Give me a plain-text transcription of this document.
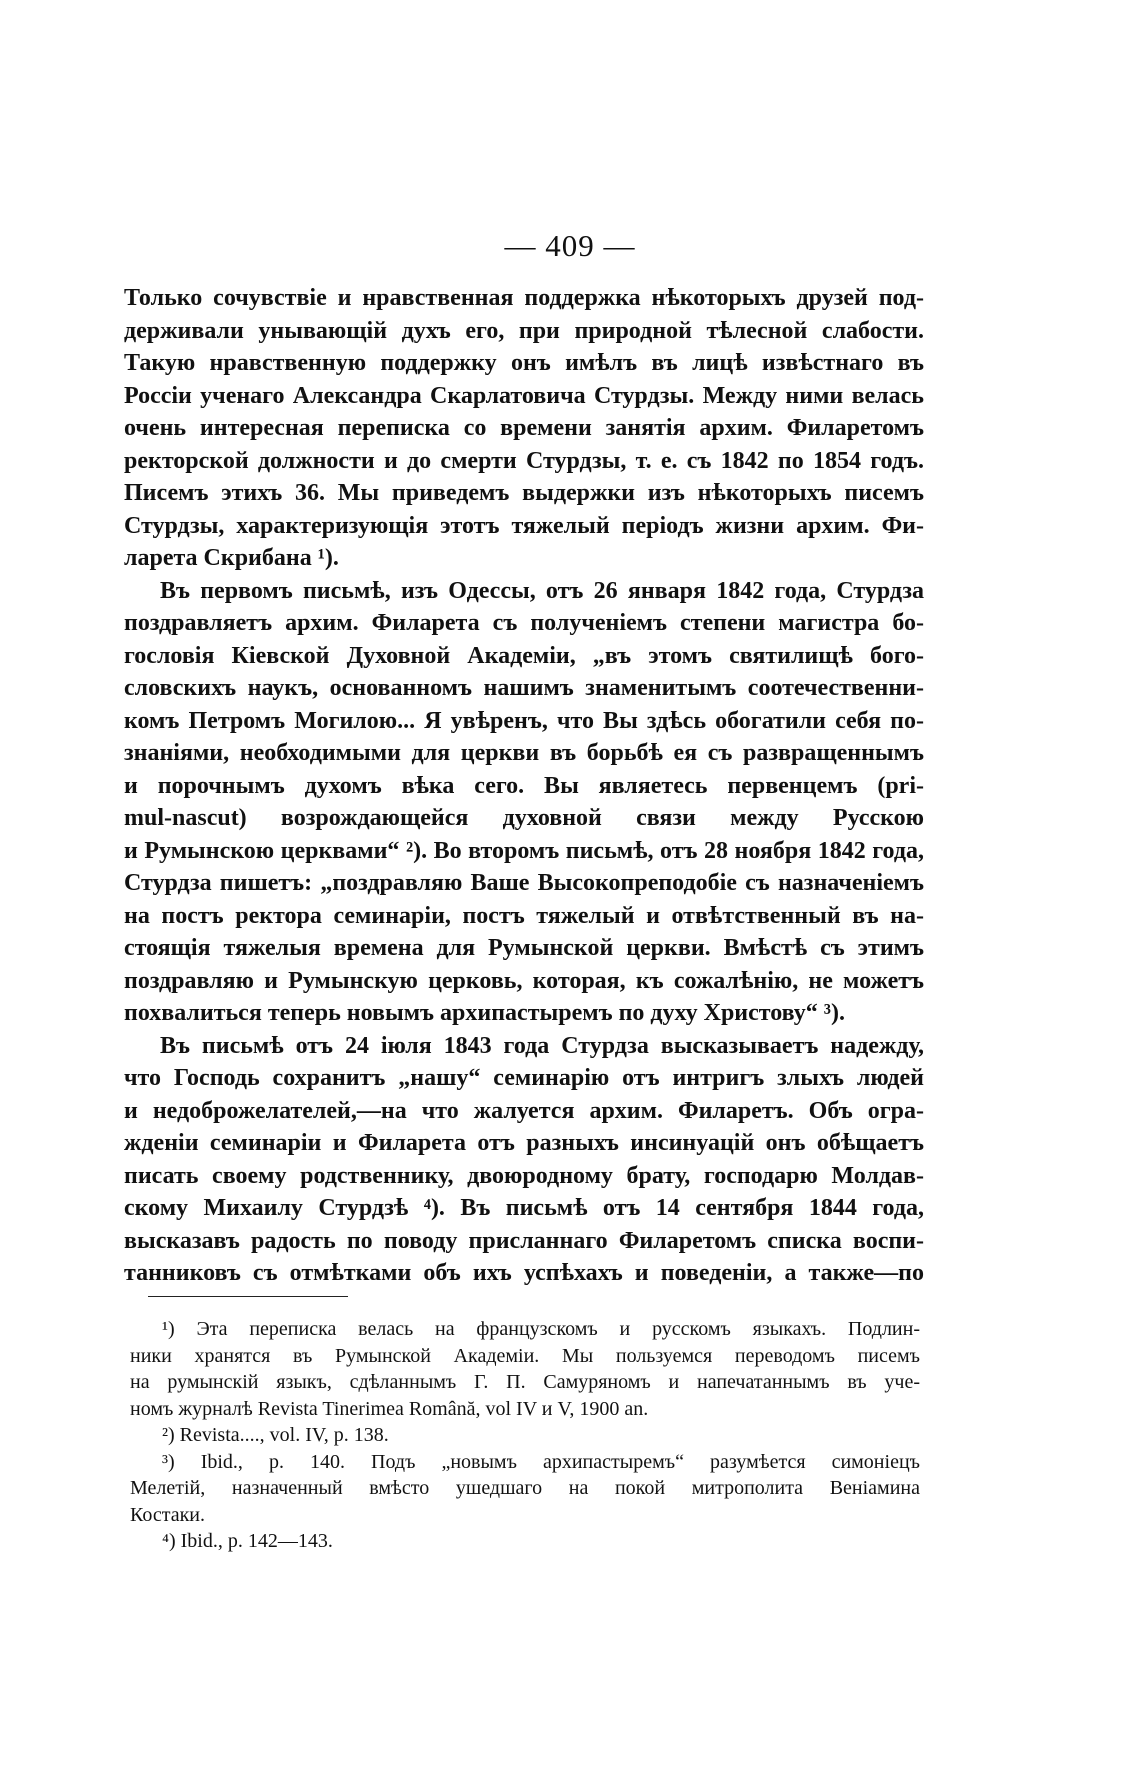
— 409 —
Только сочувствіе и нравственная поддержка нѣкоторыхъ друзей под-
держивали унывающій духъ его, при природной тѣлесной слабости.
Такую нравственную поддержку онъ имѣлъ въ лицѣ извѣстнаго въ
Россіи ученаго Александра Скарлатовича Стурдзы. Между ними велась
очень интересная переписка со времени занятія архим. Филаретомъ
ректорской должности и до смерти Стурдзы, т. е. съ 1842 по 1854 годъ.
Писемъ этихъ 36. Мы приведемъ выдержки изъ нѣкоторыхъ писемъ
Стурдзы, характеризующія этотъ тяжелый періодъ жизни архим. Фи-
ларета Скрибана ¹).
Въ первомъ письмѣ, изъ Одессы, отъ 26 января 1842 года, Стурдза
поздравляетъ архим. Филарета съ полученіемъ степени магистра бо-
гословія Кіевской Духовной Академіи, „въ этомъ святилищѣ бого-
словскихъ наукъ, основанномъ нашимъ знаменитымъ соотечественни-
комъ Петромъ Могилою... Я увѣренъ, что Вы здѣсь обогатили себя по-
знаніями, необходимыми для церкви въ борьбѣ ея съ развращеннымъ
и порочнымъ духомъ вѣка сего. Вы являетесь первенцемъ (pri-
mul-nascut) возрождающейся духовной связи между Русскою
и Румынскою церквами“ ²). Во второмъ письмѣ, отъ 28 ноября 1842 года,
Стурдза пишетъ: „поздравляю Ваше Высокопреподобіе съ назначеніемъ
на постъ ректора семинаріи, постъ тяжелый и отвѣтственный въ на-
стоящія тяжелыя времена для Румынской церкви. Вмѣстѣ съ этимъ
поздравляю и Румынскую церковь, которая, къ сожалѣнію, не можетъ
похвалиться теперь новымъ архипастыремъ по духу Христову“ ³).
Въ письмѣ отъ 24 іюля 1843 года Стурдза высказываетъ надежду,
что Господь сохранитъ „нашу“ семинарію отъ интригъ злыхъ людей
и недоброжелателей,—на что жалуется архим. Филаретъ. Объ огра-
жденіи семинаріи и Филарета отъ разныхъ инсинуацій онъ обѣщаетъ
писать своему родственнику, двоюродному брату, господарю Молдав-
скому Михаилу Стурдзѣ ⁴). Въ письмѣ отъ 14 сентября 1844 года,
высказавъ радость по поводу присланнаго Филаретомъ списка воспи-
танниковъ съ отмѣтками объ ихъ успѣхахъ и поведеніи, а также—по
¹) Эта переписка велась на французскомъ и русскомъ языкахъ. Подлин-
ники хранятся въ Румынской Академіи. Мы пользуемся переводомъ писемъ
на румынскій языкъ, сдѣланнымъ Г. П. Самуряномъ и напечатаннымъ въ уче-
номъ журналѣ Revista Tinerimea Română, vol IV и V, 1900 an.
²) Revista...., vol. IV, p. 138.
³) Ibid., p. 140. Подъ „новымъ архипастыремъ“ разумѣется симоніецъ
Мелетій, назначенный вмѣсто ушедшаго на покой митрополита Веніамина
Костаки.
⁴) Ibid., p. 142—143.
